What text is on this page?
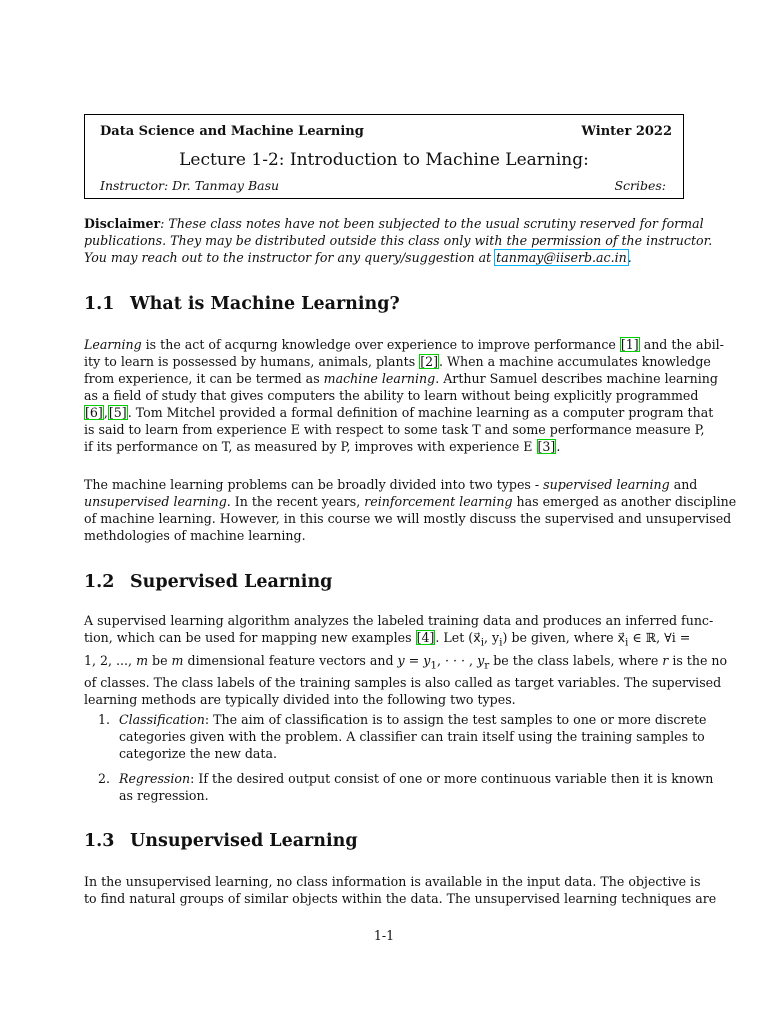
Data Science and Machine Learning	Winter 2022
Lecture 1-2: Introduction to Machine Learning:
Instructor: Dr. Tanmay Basu	Scribes:
Disclaimer: These class notes have not been subjected to the usual scrutiny reserved for formal
publications. They may be distributed outside this class only with the permission of the instructor.
You may reach out to the instructor for any query/suggestion at tanmay@iiserb.ac.in.
1.1 What is Machine Learning?
Learning is the act of acqurng knowledge over experience to improve performance [1] and the abil-
ity to learn is possessed by humans, animals, plants [2]. When a machine accumulates knowledge
from experience, it can be termed as machine learning. Arthur Samuel describes machine learning
as a field of study that gives computers the ability to learn without being explicitly programmed
[6],[5]. Tom Mitchel provided a formal definition of machine learning as a computer program that
is said to learn from experience E with respect to some task T and some performance measure P,
if its performance on T, as measured by P, improves with experience E [3].
The machine learning problems can be broadly divided into two types - supervised learning and
unsupervised learning. In the recent years, reinforcement learning has emerged as another discipline
of machine learning. However, in this course we will mostly discuss the supervised and unsupervised
methdologies of machine learning.
1.2 Supervised Learning
A supervised learning algorithm analyzes the labeled training data and produces an inferred func-
tion, which can be used for mapping new examples [4]. Let ($x⃗_i$, $y_i$) be given, where $x⃗_i$ ∈ ℝ, ∀i =
1, 2, ..., m be m dimensional feature vectors and $y = y_1$, · · · , $y_r$ be the class labels, where r is the no
of classes. The class labels of the training samples is also called as target variables. The supervised
learning methods are typically divided into the following two types.
1. Classification: The aim of classification is to assign the test samples to one or more discrete
categories given with the problem. A classifier can train itself using the training samples to
categorize the new data.
2. Regression: If the desired output consist of one or more continuous variable then it is known
as regression.
1.3 Unsupervised Learning
In the unsupervised learning, no class information is available in the input data. The objective is
to find natural groups of similar objects within the data. The unsupervised learning techniques are
1-1
